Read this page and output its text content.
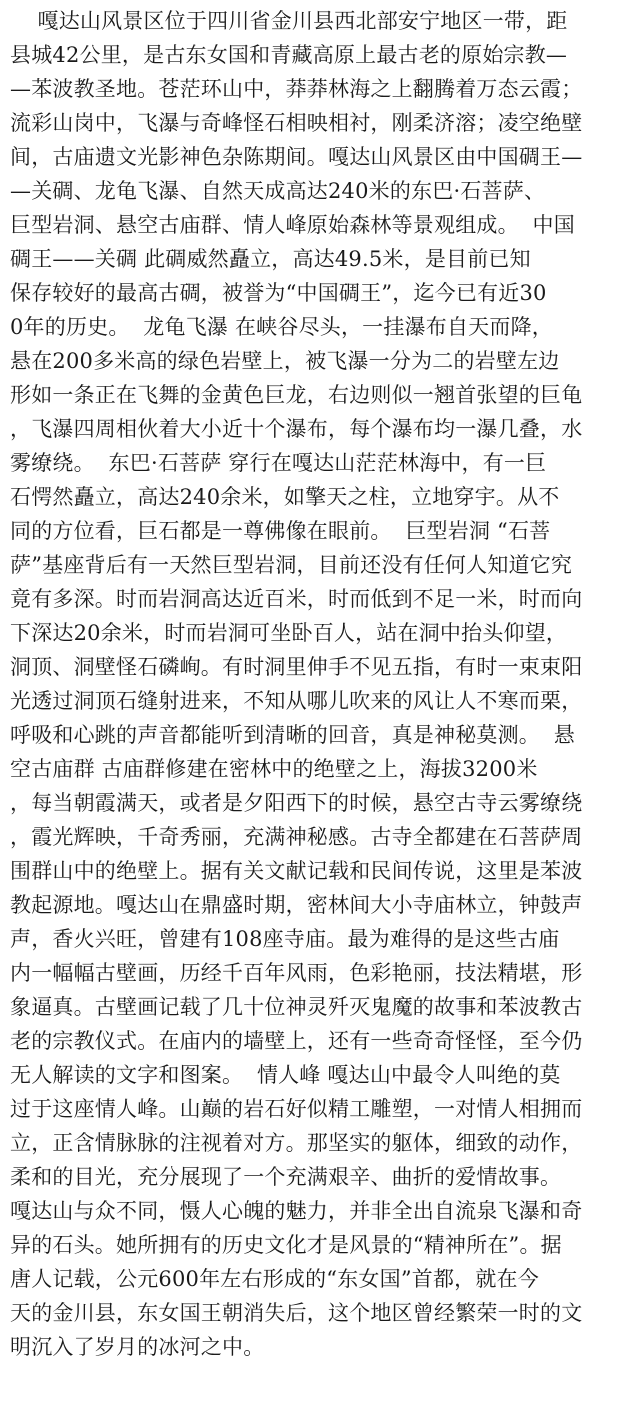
嘎达山风景区位于四川省金川县西北部安宁地区一带，距
县城42公里，是古东女国和青藏高原上最古老的原始宗教—
—苯波教圣地。苍茫环山中，莽莽林海之上翻腾着万态云霞；
流彩山岗中，飞瀑与奇峰怪石相映相衬，刚柔济溶；凌空绝壁
间，古庙遗文光影神色杂陈期间。嘎达山风景区由中国碉王—
—关碉、龙龟飞瀑、自然天成高达240米的东巴·石菩萨、
巨型岩洞、悬空古庙群、情人峰原始森林等景观组成。  中国
碉王——关碉 此碉威然矗立，高达49.5米，是目前已知
保存较好的最高古碉，被誉为“中国碉王”，迄今已有近30
0年的历史。  龙龟飞瀑 在峡谷尽头，一挂瀑布自天而降，
悬在200多米高的绿色岩壁上，被飞瀑一分为二的岩壁左边
形如一条正在飞舞的金黄色巨龙，右边则似一翘首张望的巨龟
，飞瀑四周相伙着大小近十个瀑布，每个瀑布均一瀑几叠，水
雾缭绕。  东巴·石菩萨 穿行在嘎达山茫茫林海中，有一巨
石愕然矗立，高达240余米，如擎天之柱，立地穿宇。从不
同的方位看，巨石都是一尊佛像在眼前。  巨型岩洞 “石菩
萨”基座背后有一天然巨型岩洞，目前还没有任何人知道它究
竟有多深。时而岩洞高达近百米，时而低到不足一米，时而向
下深达20余米，时而岩洞可坐卧百人，站在洞中抬头仰望，
洞顶、洞壁怪石磷峋。有时洞里伸手不见五指，有时一束束阳
光透过洞顶石缝射进来，不知从哪儿吹来的风让人不寒而栗，
呼吸和心跳的声音都能听到清晰的回音，真是神秘莫测。  悬
空古庙群 古庙群修建在密林中的绝壁之上，海拔3200米
，每当朝霞满天，或者是夕阳西下的时候，悬空古寺云雾缭绕
，霞光辉映，千奇秀丽，充满神秘感。古寺全都建在石菩萨周
围群山中的绝壁上。据有关文献记载和民间传说，这里是苯波
教起源地。嘎达山在鼎盛时期，密林间大小寺庙林立，钟鼓声
声，香火兴旺，曾建有108座寺庙。最为难得的是这些古庙
内一幅幅古壁画，历经千百年风雨，色彩艳丽，技法精堪，形
象逼真。古壁画记载了几十位神灵歼灭鬼魔的故事和苯波教古
老的宗教仪式。在庙内的墙壁上，还有一些奇奇怪怪，至今仍
无人解读的文字和图案。  情人峰 嘎达山中最令人叫绝的莫
过于这座情人峰。山巅的岩石好似精工雕塑，一对情人相拥而
立，正含情脉脉的注视着对方。那坚实的躯体，细致的动作，
柔和的目光，充分展现了一个充满艰辛、曲折的爱情故事。
嘎达山与众不同，慑人心魄的魅力，并非全出自流泉飞瀑和奇
异的石头。她所拥有的历史文化才是风景的“精神所在”。据
唐人记载，公元600年左右形成的“东女国”首都，就在今
天的金川县，东女国王朝消失后，这个地区曾经繁荣一时的文
明沉入了岁月的冰河之中。
